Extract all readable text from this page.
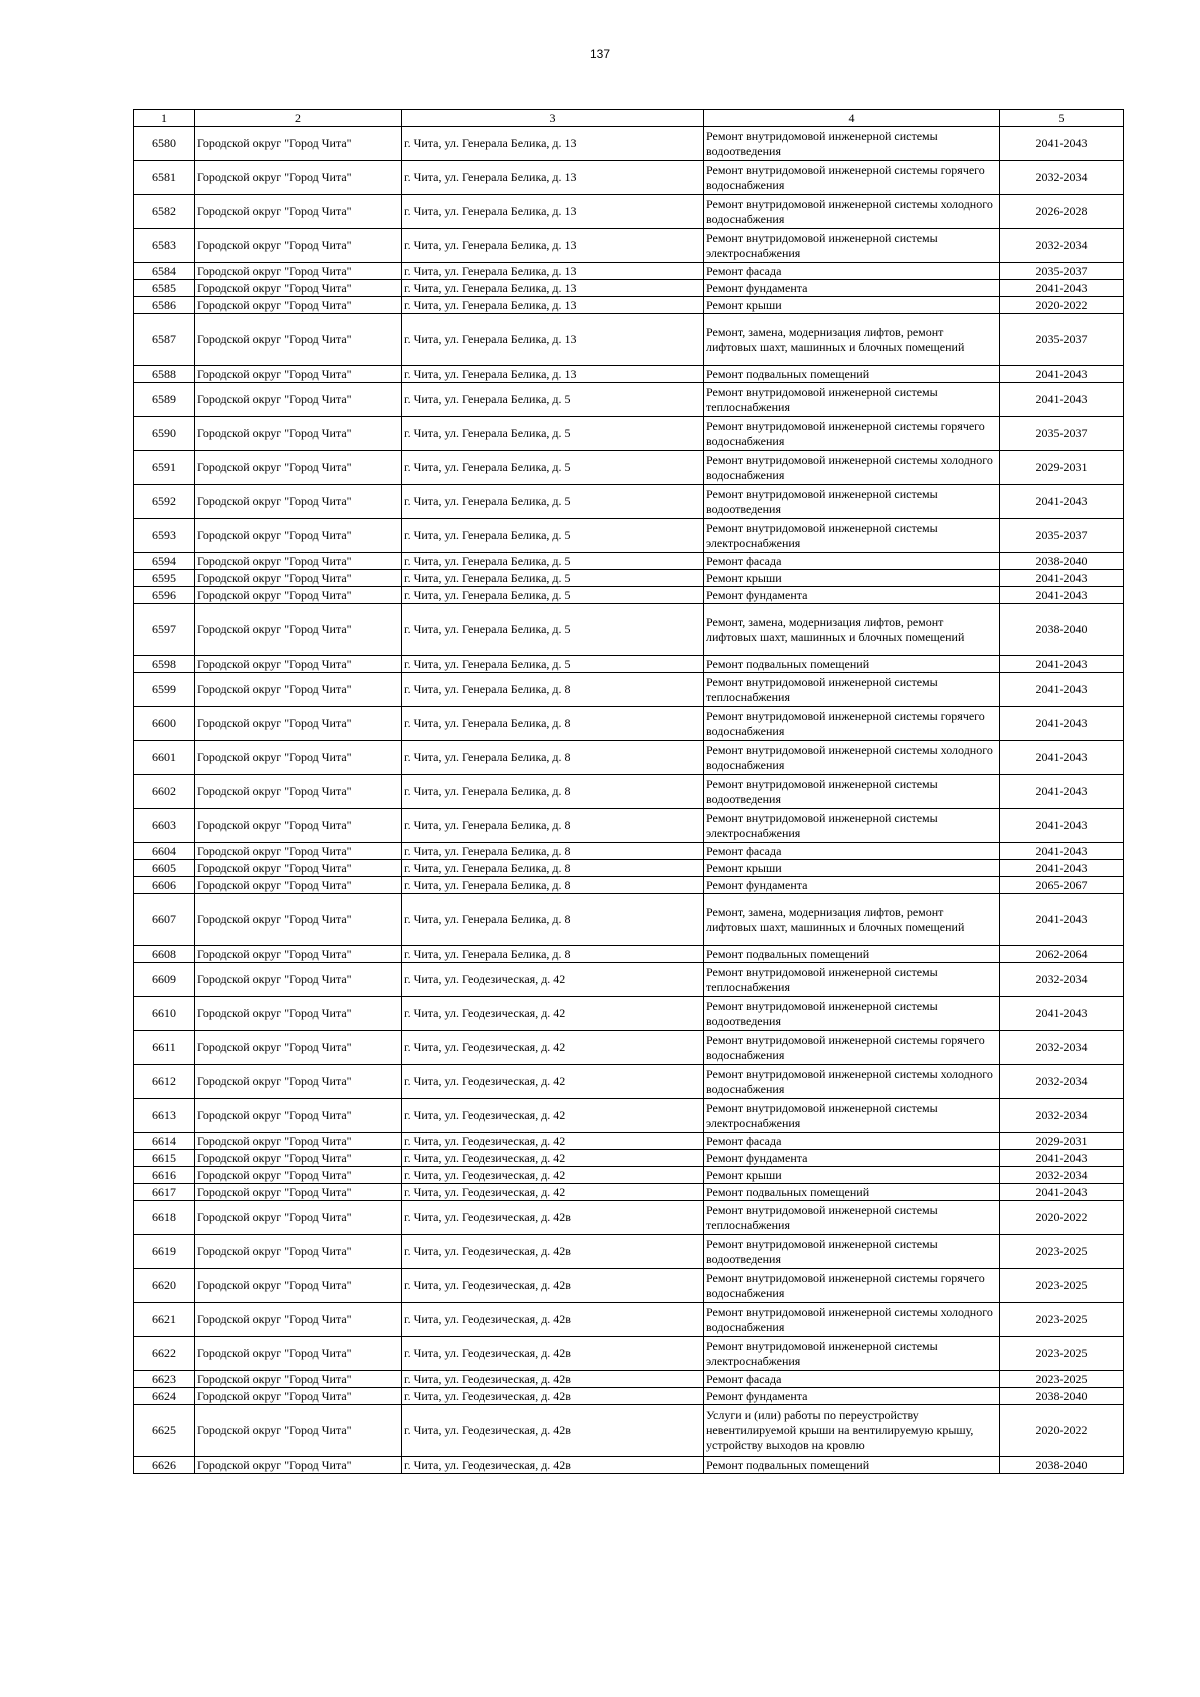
137
1	2	3	4	5
6580	Городской округ "Город Чита"	г. Чита, ул. Генерала Белика, д. 13	Ремонт внутридомовой инженерной системы водоотведения	2041-2043
6581	Городской округ "Город Чита"	г. Чита, ул. Генерала Белика, д. 13	Ремонт внутридомовой инженерной системы горячего водоснабжения	2032-2034
6582	Городской округ "Город Чита"	г. Чита, ул. Генерала Белика, д. 13	Ремонт внутридомовой инженерной системы холодного водоснабжения	2026-2028
6583	Городской округ "Город Чита"	г. Чита, ул. Генерала Белика, д. 13	Ремонт внутридомовой инженерной системы электроснабжения	2032-2034
6584	Городской округ "Город Чита"	г. Чита, ул. Генерала Белика, д. 13	Ремонт фасада	2035-2037
6585	Городской округ "Город Чита"	г. Чита, ул. Генерала Белика, д. 13	Ремонт фундамента	2041-2043
6586	Городской округ "Город Чита"	г. Чита, ул. Генерала Белика, д. 13	Ремонт крыши	2020-2022
6587	Городской округ "Город Чита"	г. Чита, ул. Генерала Белика, д. 13	Ремонт, замена, модернизация лифтов, ремонт лифтовых шахт, машинных и блочных помещений	2035-2037
6588	Городской округ "Город Чита"	г. Чита, ул. Генерала Белика, д. 13	Ремонт подвальных помещений	2041-2043
6589	Городской округ "Город Чита"	г. Чита, ул. Генерала Белика, д. 5	Ремонт внутридомовой инженерной системы теплоснабжения	2041-2043
6590	Городской округ "Город Чита"	г. Чита, ул. Генерала Белика, д. 5	Ремонт внутридомовой инженерной системы горячего водоснабжения	2035-2037
6591	Городской округ "Город Чита"	г. Чита, ул. Генерала Белика, д. 5	Ремонт внутридомовой инженерной системы холодного водоснабжения	2029-2031
6592	Городской округ "Город Чита"	г. Чита, ул. Генерала Белика, д. 5	Ремонт внутридомовой инженерной системы водоотведения	2041-2043
6593	Городской округ "Город Чита"	г. Чита, ул. Генерала Белика, д. 5	Ремонт внутридомовой инженерной системы электроснабжения	2035-2037
6594	Городской округ "Город Чита"	г. Чита, ул. Генерала Белика, д. 5	Ремонт фасада	2038-2040
6595	Городской округ "Город Чита"	г. Чита, ул. Генерала Белика, д. 5	Ремонт крыши	2041-2043
6596	Городской округ "Город Чита"	г. Чита, ул. Генерала Белика, д. 5	Ремонт фундамента	2041-2043
6597	Городской округ "Город Чита"	г. Чита, ул. Генерала Белика, д. 5	Ремонт, замена, модернизация лифтов, ремонт лифтовых шахт, машинных и блочных помещений	2038-2040
6598	Городской округ "Город Чита"	г. Чита, ул. Генерала Белика, д. 5	Ремонт подвальных помещений	2041-2043
6599	Городской округ "Город Чита"	г. Чита, ул. Генерала Белика, д. 8	Ремонт внутридомовой инженерной системы теплоснабжения	2041-2043
6600	Городской округ "Город Чита"	г. Чита, ул. Генерала Белика, д. 8	Ремонт внутридомовой инженерной системы горячего водоснабжения	2041-2043
6601	Городской округ "Город Чита"	г. Чита, ул. Генерала Белика, д. 8	Ремонт внутридомовой инженерной системы холодного водоснабжения	2041-2043
6602	Городской округ "Город Чита"	г. Чита, ул. Генерала Белика, д. 8	Ремонт внутридомовой инженерной системы водоотведения	2041-2043
6603	Городской округ "Город Чита"	г. Чита, ул. Генерала Белика, д. 8	Ремонт внутридомовой инженерной системы электроснабжения	2041-2043
6604	Городской округ "Город Чита"	г. Чита, ул. Генерала Белика, д. 8	Ремонт фасада	2041-2043
6605	Городской округ "Город Чита"	г. Чита, ул. Генерала Белика, д. 8	Ремонт крыши	2041-2043
6606	Городской округ "Город Чита"	г. Чита, ул. Генерала Белика, д. 8	Ремонт фундамента	2065-2067
6607	Городской округ "Город Чита"	г. Чита, ул. Генерала Белика, д. 8	Ремонт, замена, модернизация лифтов, ремонт лифтовых шахт, машинных и блочных помещений	2041-2043
6608	Городской округ "Город Чита"	г. Чита, ул. Генерала Белика, д. 8	Ремонт подвальных помещений	2062-2064
6609	Городской округ "Город Чита"	г. Чита, ул. Геодезическая, д. 42	Ремонт внутридомовой инженерной системы теплоснабжения	2032-2034
6610	Городской округ "Город Чита"	г. Чита, ул. Геодезическая, д. 42	Ремонт внутридомовой инженерной системы водоотведения	2041-2043
6611	Городской округ "Город Чита"	г. Чита, ул. Геодезическая, д. 42	Ремонт внутридомовой инженерной системы горячего водоснабжения	2032-2034
6612	Городской округ "Город Чита"	г. Чита, ул. Геодезическая, д. 42	Ремонт внутридомовой инженерной системы холодного водоснабжения	2032-2034
6613	Городской округ "Город Чита"	г. Чита, ул. Геодезическая, д. 42	Ремонт внутридомовой инженерной системы электроснабжения	2032-2034
6614	Городской округ "Город Чита"	г. Чита, ул. Геодезическая, д. 42	Ремонт фасада	2029-2031
6615	Городской округ "Город Чита"	г. Чита, ул. Геодезическая, д. 42	Ремонт фундамента	2041-2043
6616	Городской округ "Город Чита"	г. Чита, ул. Геодезическая, д. 42	Ремонт крыши	2032-2034
6617	Городской округ "Город Чита"	г. Чита, ул. Геодезическая, д. 42	Ремонт подвальных помещений	2041-2043
6618	Городской округ "Город Чита"	г. Чита, ул. Геодезическая, д. 42в	Ремонт внутридомовой инженерной системы теплоснабжения	2020-2022
6619	Городской округ "Город Чита"	г. Чита, ул. Геодезическая, д. 42в	Ремонт внутридомовой инженерной системы водоотведения	2023-2025
6620	Городской округ "Город Чита"	г. Чита, ул. Геодезическая, д. 42в	Ремонт внутридомовой инженерной системы горячего водоснабжения	2023-2025
6621	Городской округ "Город Чита"	г. Чита, ул. Геодезическая, д. 42в	Ремонт внутридомовой инженерной системы холодного водоснабжения	2023-2025
6622	Городской округ "Город Чита"	г. Чита, ул. Геодезическая, д. 42в	Ремонт внутридомовой инженерной системы электроснабжения	2023-2025
6623	Городской округ "Город Чита"	г. Чита, ул. Геодезическая, д. 42в	Ремонт фасада	2023-2025
6624	Городской округ "Город Чита"	г. Чита, ул. Геодезическая, д. 42в	Ремонт фундамента	2038-2040
6625	Городской округ "Город Чита"	г. Чита, ул. Геодезическая, д. 42в	Услуги и (или) работы по переустройству невентилируемой крыши на вентилируемую крышу, устройству выходов на кровлю	2020-2022
6626	Городской округ "Город Чита"	г. Чита, ул. Геодезическая, д. 42в	Ремонт подвальных помещений	2038-2040
